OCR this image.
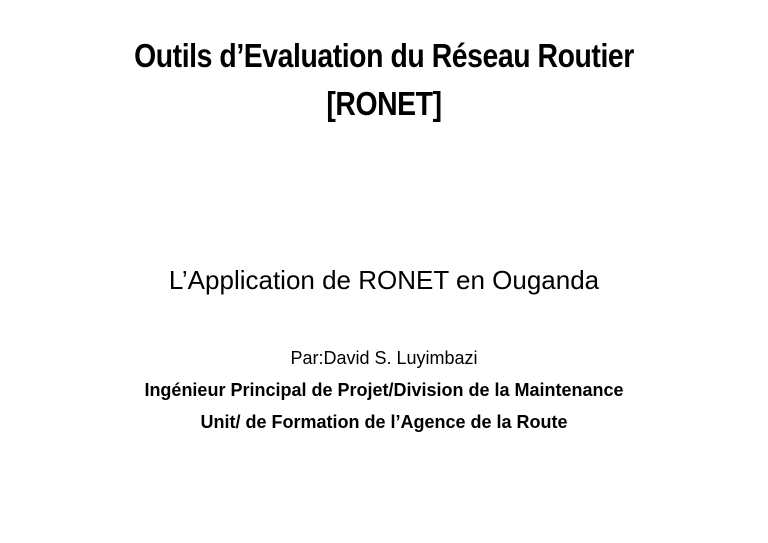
Outils d’Evaluation du Réseau Routier
[RONET]
L’Application de RONET en Ouganda
Par:David S. Luyimbazi
Ingénieur Principal de Projet/Division de la Maintenance
Unit/ de Formation de l’Agence de la Route
